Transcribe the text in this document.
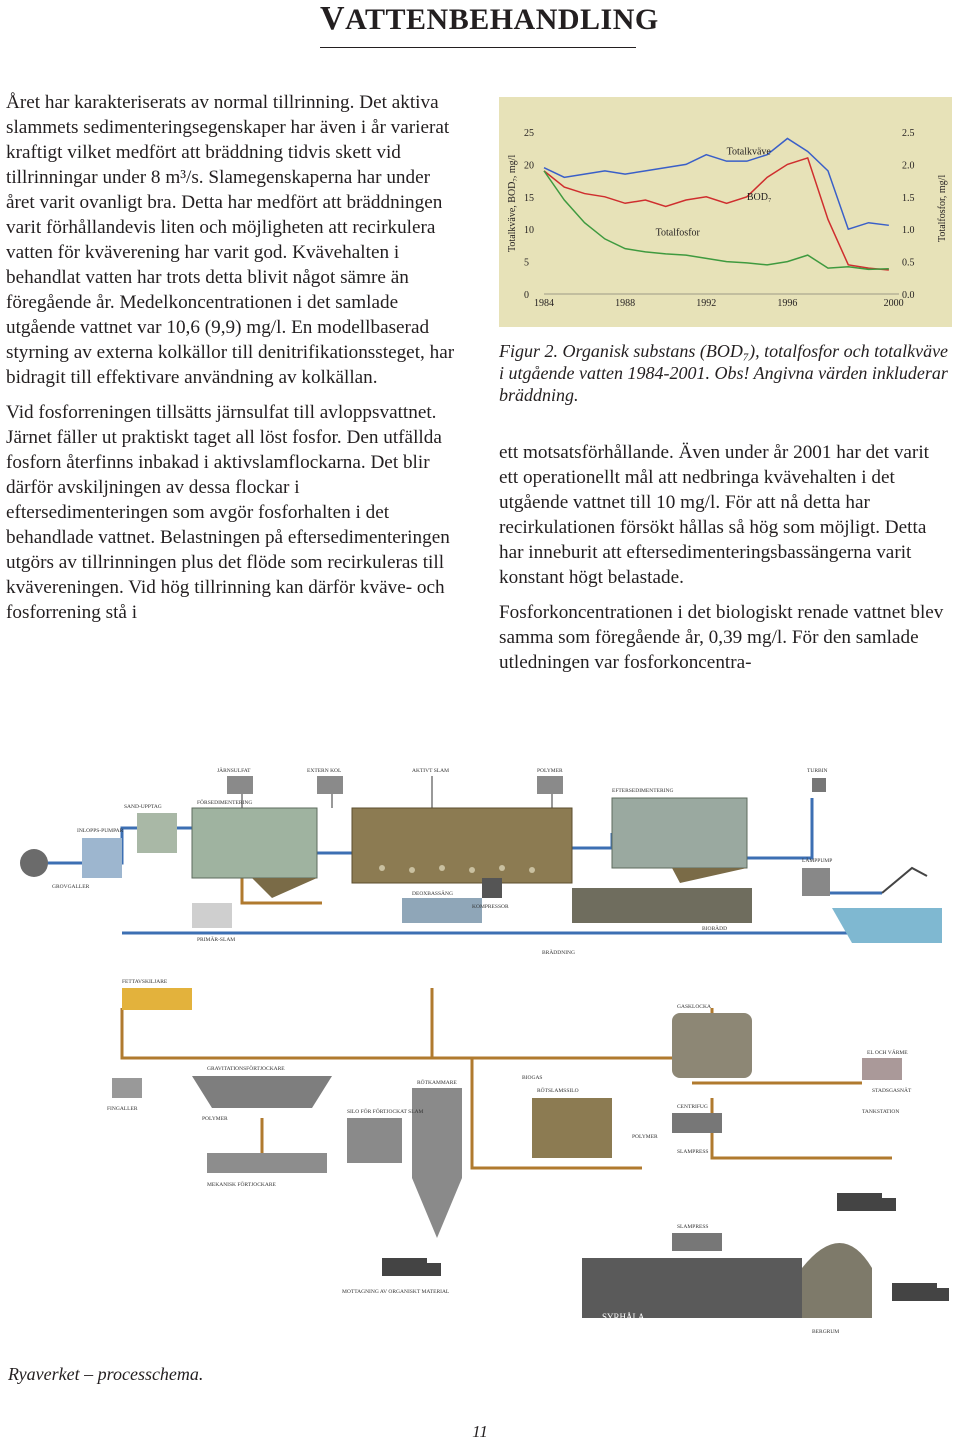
VATTENBEHANDLING

Året har karakteriserats av normal tillrinning. Det aktiva slammets sedimenteringsegenskaper har även i år varierat kraftigt vilket medfört att bräddning tidvis skett vid tillrinningar under 8 m³/s. Slamegenskaperna har under året varit ovanligt bra. Detta har medfört att bräddningen varit förhållandevis liten och möjligheten att recirkulera vatten för kväverening har varit god. Kvävehalten i behandlat vatten har trots detta blivit något sämre än föregående år. Medelkoncentrationen i det samlade utgående vattnet var 10,6 (9,9) mg/l. En modellbaserad styrning av externa kolkällor till denitrifikationssteget, har bidragit till effektivare användning av kolkällan.

Vid fosforreningen tillsätts järnsulfat till avloppsvattnet. Järnet fäller ut praktiskt taget all löst fosfor. Den utfällda fosforn återfinns inbakad i aktivslamflockarna. Det blir därför avskiljningen av dessa flockar i eftersedimenteringen som avgör fosforhalten i det behandlade vattnet. Belastningen på eftersedimenteringen utgörs av tillrinningen plus det flöde som recirkuleras till kvävereningen. Vid hög tillrinning kan därför kväve- och fosforrening stå i

0
5
10
15
20
25
0.0
0.5
1.0
1.5
2.0
2.5
1984	1988	1992	1996	2000
Totalkväve
BOD₇
Totalfosfor
Totalkväve, BOD₇, mg/l	Totalfosfor, mg/l
Figur 2. Organisk substans (BOD₇), totalfosfor och totalkväve i utgående vatten 1984-2001. Obs! Angivna värden inkluderar bräddning.

ett motsatsförhållande. Även under år 2001 har det varit ett operationellt mål att nedbringa kvävehalten i det utgående vattnet till 10 mg/l. För att nå detta har recirkulationen försökt hållas så hög som möjligt. Detta har inneburit att eftersedimenteringsbassängerna varit konstant högt belastade.

Fosforkoncentrationen i det biologiskt renade vattnet blev samma som föregående år, 0,39 mg/l. För den samlade utledningen var fosforkoncentra-

JÄRNSULFAT	EXTERN KOL	AKTIVT SLAM	POLYMER	TURBIN
SAND-UPPTAG
FÖRSEDIMENTERING
EFTERSEDIMENTERING
INLOPPS-PUMPAR
GROVGALLER
KOMPRESSOR
LÄMPPUMP
DEOXBASSÄNG
PRIMÄR-SLAM
BIOBÄDD
BRÄDDNING
FETTAVSKILJARE
GASKLOCKA
EL OCH VÄRME
GRAVITATIONSFÖRTJOCKARE
BIOGAS
STADSGASNÄT
FINGALLER
POLYMER
RÖTKAMMARE
RÖTSLAMSSILO
CENTRIFUG
TANKSTATION
MEKANISK FÖRTJOCKARE
SILO FÖR FÖRTJOCKAT SLAM
POLYMER
SLAMPRESS
SLAMPRESS
MOTTAGNING AV ORGANISKT MATERIAL
SYRHÅLA
BERGRUM
Ryaverket – processchema.
11
